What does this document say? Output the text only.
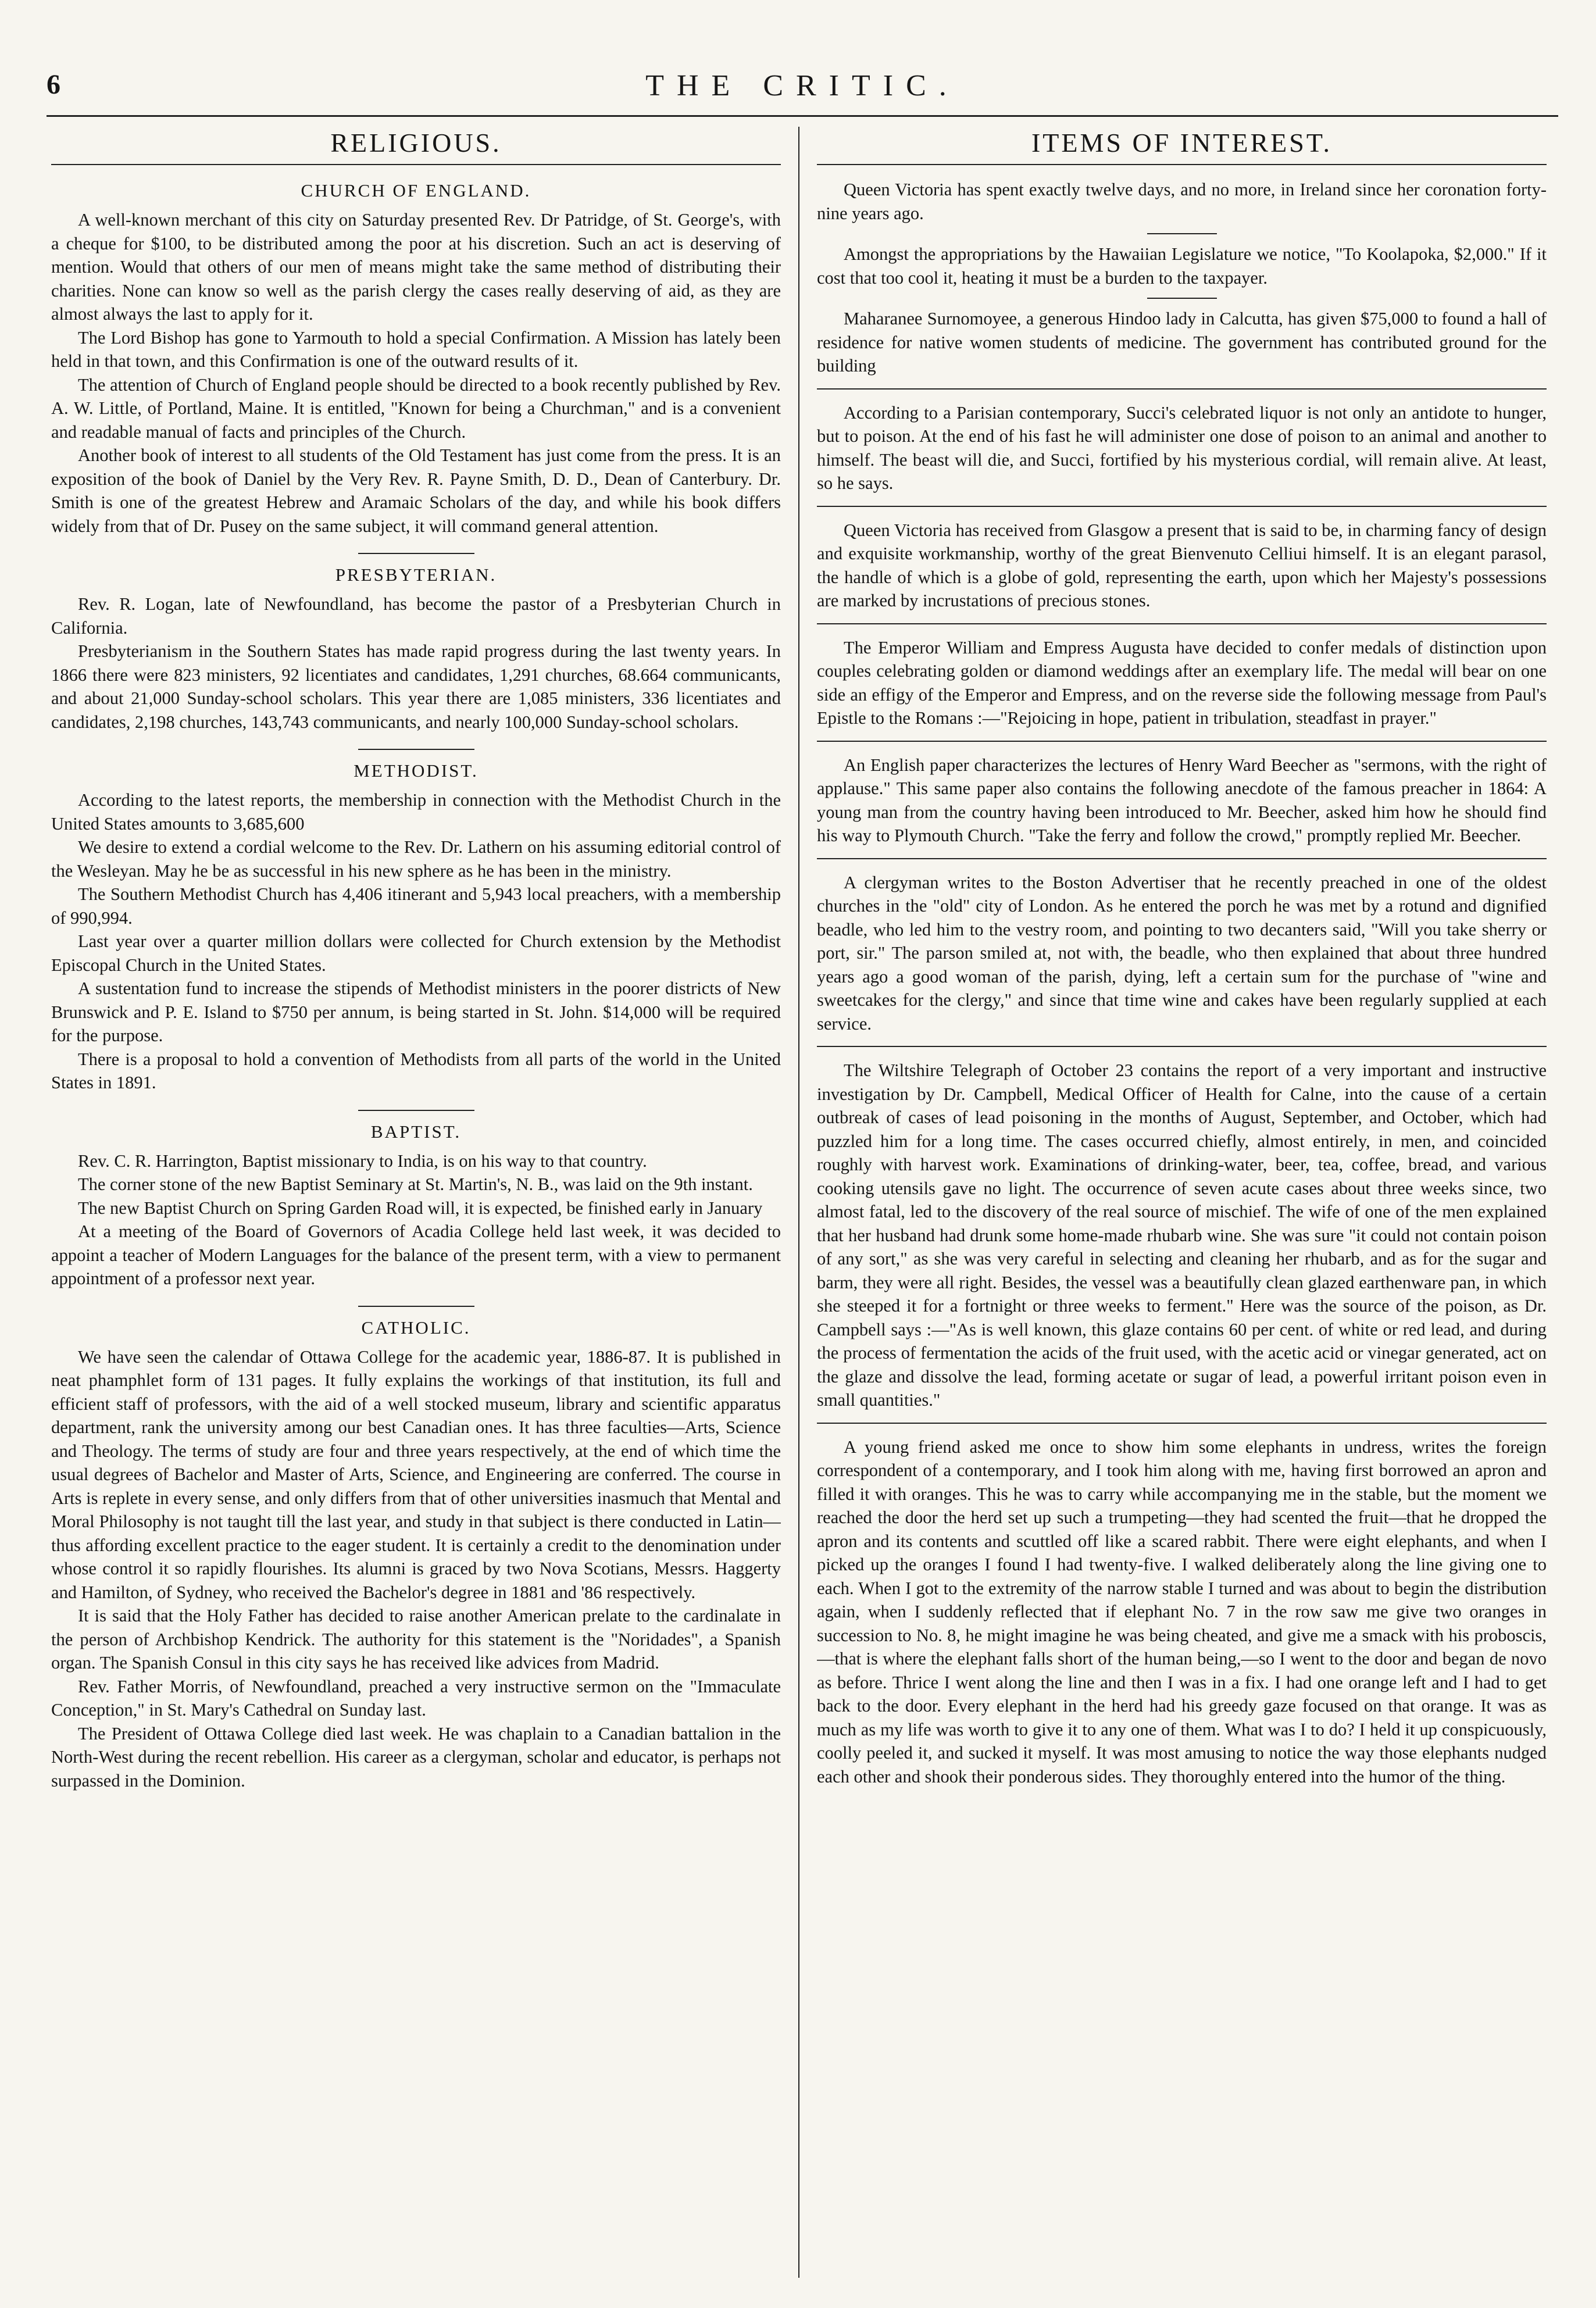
6	THE CRITIC.
RELIGIOUS.
CHURCH OF ENGLAND.

A well-known merchant of this city on Saturday presented Rev. Dr Patridge, of St. George's, with a cheque for $100, to be distributed among the poor at his discretion. Such an act is deserving of mention. Would that others of our men of means might take the same method of distributing their charities. None can know so well as the parish clergy the cases really deserving of aid, as they are almost always the last to apply for it.

The Lord Bishop has gone to Yarmouth to hold a special Confirmation. A Mission has lately been held in that town, and this Confirmation is one of the outward results of it.

The attention of Church of England people should be directed to a book recently published by Rev. A. W. Little, of Portland, Maine. It is entitled, "Known for being a Churchman," and is a convenient and readable manual of facts and principles of the Church.

Another book of interest to all students of the Old Testament has just come from the press. It is an exposition of the book of Daniel by the Very Rev. R. Payne Smith, D. D., Dean of Canterbury. Dr. Smith is one of the greatest Hebrew and Aramaic Scholars of the day, and while his book differs widely from that of Dr. Pusey on the same subject, it will command general attention.

PRESBYTERIAN.

Rev. R. Logan, late of Newfoundland, has become the pastor of a Presbyterian Church in California.

Presbyterianism in the Southern States has made rapid progress during the last twenty years. In 1866 there were 823 ministers, 92 licentiates and candidates, 1,291 churches, 68.664 communicants, and about 21,000 Sunday-school scholars. This year there are 1,085 ministers, 336 licentiates and candidates, 2,198 churches, 143,743 communicants, and nearly 100,000 Sunday-school scholars.

METHODIST.

According to the latest reports, the membership in connection with the Methodist Church in the United States amounts to 3,685,600

We desire to extend a cordial welcome to the Rev. Dr. Lathern on his assuming editorial control of the Wesleyan. May he be as successful in his new sphere as he has been in the ministry.

The Southern Methodist Church has 4,406 itinerant and 5,943 local preachers, with a membership of 990,994.

Last year over a quarter million dollars were collected for Church extension by the Methodist Episcopal Church in the United States.

A sustentation fund to increase the stipends of Methodist ministers in the poorer districts of New Brunswick and P. E. Island to $750 per annum, is being started in St. John. $14,000 will be required for the purpose.

There is a proposal to hold a convention of Methodists from all parts of the world in the United States in 1891.

BAPTIST.

Rev. C. R. Harrington, Baptist missionary to India, is on his way to that country.

The corner stone of the new Baptist Seminary at St. Martin's, N. B., was laid on the 9th instant.

The new Baptist Church on Spring Garden Road will, it is expected, be finished early in January

At a meeting of the Board of Governors of Acadia College held last week, it was decided to appoint a teacher of Modern Languages for the balance of the present term, with a view to permanent appointment of a professor next year.

CATHOLIC.

We have seen the calendar of Ottawa College for the academic year, 1886-87. It is published in neat phamphlet form of 131 pages. It fully explains the workings of that institution, its full and efficient staff of professors, with the aid of a well stocked museum, library and scientific apparatus department, rank the university among our best Canadian ones. It has three faculties—Arts, Science and Theology. The terms of study are four and three years respectively, at the end of which time the usual degrees of Bachelor and Master of Arts, Science, and Engineering are conferred. The course in Arts is replete in every sense, and only differs from that of other universities inasmuch that Mental and Moral Philosophy is not taught till the last year, and study in that subject is there conducted in Latin—thus affording excellent practice to the eager student. It is certainly a credit to the denomination under whose control it so rapidly flourishes. Its alumni is graced by two Nova Scotians, Messrs. Haggerty and Hamilton, of Sydney, who received the Bachelor's degree in 1881 and '86 respectively.

It is said that the Holy Father has decided to raise another American prelate to the cardinalate in the person of Archbishop Kendrick. The authority for this statement is the "Noridades", a Spanish organ. The Spanish Consul in this city says he has received like advices from Madrid.

Rev. Father Morris, of Newfoundland, preached a very instructive sermon on the "Immaculate Conception," in St. Mary's Cathedral on Sunday last.

The President of Ottawa College died last week. He was chaplain to a Canadian battalion in the North-West during the recent rebellion. His career as a clergyman, scholar and educator, is perhaps not surpassed in the Dominion.

ITEMS OF INTEREST.

Queen Victoria has spent exactly twelve days, and no more, in Ireland since her coronation forty-nine years ago.

Amongst the appropriations by the Hawaiian Legislature we notice, "To Koolapoka, $2,000." If it cost that too cool it, heating it must be a burden to the taxpayer.

Maharanee Surnomoyee, a generous Hindoo lady in Calcutta, has given $75,000 to found a hall of residence for native women students of medicine. The government has contributed ground for the building

According to a Parisian contemporary, Succi's celebrated liquor is not only an antidote to hunger, but to poison. At the end of his fast he will administer one dose of poison to an animal and another to himself. The beast will die, and Succi, fortified by his mysterious cordial, will remain alive. At least, so he says.

Queen Victoria has received from Glasgow a present that is said to be, in charming fancy of design and exquisite workmanship, worthy of the great Bienvenuto Celliui himself. It is an elegant parasol, the handle of which is a globe of gold, representing the earth, upon which her Majesty's possessions are marked by incrustations of precious stones.

The Emperor William and Empress Augusta have decided to confer medals of distinction upon couples celebrating golden or diamond weddings after an exemplary life. The medal will bear on one side an effigy of the Emperor and Empress, and on the reverse side the following message from Paul's Epistle to the Romans :—"Rejoicing in hope, patient in tribulation, steadfast in prayer."

An English paper characterizes the lectures of Henry Ward Beecher as "sermons, with the right of applause." This same paper also contains the following anecdote of the famous preacher in 1864: A young man from the country having been introduced to Mr. Beecher, asked him how he should find his way to Plymouth Church. "Take the ferry and follow the crowd," promptly replied Mr. Beecher.

A clergyman writes to the Boston Advertiser that he recently preached in one of the oldest churches in the "old" city of London. As he entered the porch he was met by a rotund and dignified beadle, who led him to the vestry room, and pointing to two decanters said, "Will you take sherry or port, sir." The parson smiled at, not with, the beadle, who then explained that about three hundred years ago a good woman of the parish, dying, left a certain sum for the purchase of "wine and sweetcakes for the clergy," and since that time wine and cakes have been regularly supplied at each service.

The Wiltshire Telegraph of October 23 contains the report of a very important and instructive investigation by Dr. Campbell, Medical Officer of Health for Calne, into the cause of a certain outbreak of cases of lead poisoning in the months of August, September, and October, which had puzzled him for a long time. The cases occurred chiefly, almost entirely, in men, and coincided roughly with harvest work. Examinations of drinking-water, beer, tea, coffee, bread, and various cooking utensils gave no light. The occurrence of seven acute cases about three weeks since, two almost fatal, led to the discovery of the real source of mischief. The wife of one of the men explained that her husband had drunk some home-made rhubarb wine. She was sure "it could not contain poison of any sort," as she was very careful in selecting and cleaning her rhubarb, and as for the sugar and barm, they were all right. Besides, the vessel was a beautifully clean glazed earthenware pan, in which she steeped it for a fortnight or three weeks to ferment." Here was the source of the poison, as Dr. Campbell says :—"As is well known, this glaze contains 60 per cent. of white or red lead, and during the process of fermentation the acids of the fruit used, with the acetic acid or vinegar generated, act on the glaze and dissolve the lead, forming acetate or sugar of lead, a powerful irritant poison even in small quantities."

A young friend asked me once to show him some elephants in undress, writes the foreign correspondent of a contemporary, and I took him along with me, having first borrowed an apron and filled it with oranges. This he was to carry while accompanying me in the stable, but the moment we reached the door the herd set up such a trumpeting—they had scented the fruit—that he dropped the apron and its contents and scuttled off like a scared rabbit. There were eight elephants, and when I picked up the oranges I found I had twenty-five. I walked deliberately along the line giving one to each. When I got to the extremity of the narrow stable I turned and was about to begin the distribution again, when I suddenly reflected that if elephant No. 7 in the row saw me give two oranges in succession to No. 8, he might imagine he was being cheated, and give me a smack with his proboscis,—that is where the elephant falls short of the human being,—so I went to the door and began de novo as before. Thrice I went along the line and then I was in a fix. I had one orange left and I had to get back to the door. Every elephant in the herd had his greedy gaze focused on that orange. It was as much as my life was worth to give it to any one of them. What was I to do? I held it up conspicuously, coolly peeled it, and sucked it myself. It was most amusing to notice the way those elephants nudged each other and shook their ponderous sides. They thoroughly entered into the humor of the thing.
